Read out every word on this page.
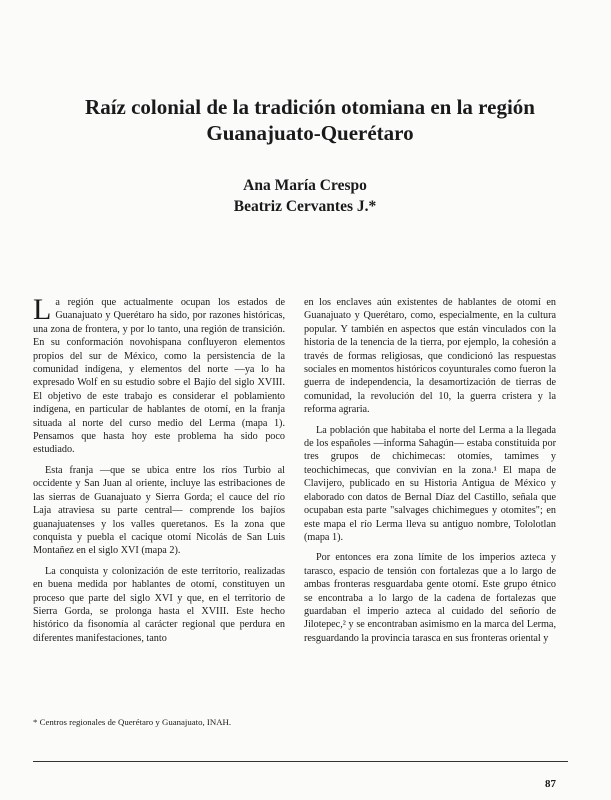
Raíz colonial de la tradición otomiana en la región
Guanajuato-Querétaro
Ana María Crespo
Beatriz Cervantes J.*

La región que actualmente ocupan los estados de Guanajuato y Querétaro ha sido, por razones históricas, una zona de frontera, y por lo tanto, una región de transición. En su conformación novohispana confluyeron elementos propios del sur de México, como la persistencia de la comunidad indígena, y elementos del norte —ya lo ha expresado Wolf en su estudio sobre el Bajío del siglo XVIII. El objetivo de este trabajo es considerar el poblamiento indígena, en particular de hablantes de otomí, en la franja situada al norte del curso medio del Lerma (mapa 1). Pensamos que hasta hoy este problema ha sido poco estudiado.

Esta franja —que se ubica entre los ríos Turbio al occidente y San Juan al oriente, incluye las estribaciones de las sierras de Guanajuato y Sierra Gorda; el cauce del río Laja atraviesa su parte central— comprende los bajíos guanajuatenses y los valles queretanos. Es la zona que conquista y puebla el cacique otomí Nicolás de San Luis Montañez en el siglo XVI (mapa 2).

La conquista y colonización de este territorio, realizadas en buena medida por hablantes de otomí, constituyen un proceso que parte del siglo XVI y que, en el territorio de Sierra Gorda, se prolonga hasta el XVIII. Este hecho histórico da fisonomía al carácter regional que perdura en diferentes manifestaciones, tanto

en los enclaves aún existentes de hablantes de otomí en Guanajuato y Querétaro, como, especialmente, en la cultura popular. Y también en aspectos que están vinculados con la historia de la tenencia de la tierra, por ejemplo, la cohesión a través de formas religiosas, que condicionó las respuestas sociales en momentos históricos coyunturales como fueron la guerra de independencia, la desamortización de tierras de comunidad, la revolución del 10, la guerra cristera y la reforma agraria.

La población que habitaba el norte del Lerma a la llegada de los españoles —informa Sahagún— estaba constituida por tres grupos de chichimecas: otomíes, tamimes y teochichimecas, que convivían en la zona.¹ El mapa de Clavijero, publicado en su Historia Antigua de México y elaborado con datos de Bernal Díaz del Castillo, señala que ocupaban esta parte "salvages chichimegues y otomites"; en este mapa el río Lerma lleva su antiguo nombre, Tololotlan (mapa 1).

Por entonces era zona límite de los imperios azteca y tarasco, espacio de tensión con fortalezas que a lo largo de ambas fronteras resguardaba gente otomí. Este grupo étnico se encontraba a lo largo de la cadena de fortalezas que guardaban el imperio azteca al cuidado del señorío de Jilotepec,² y se encontraban asimismo en la marca del Lerma, resguardando la provincia tarasca en sus fronteras oriental y

* Centros regionales de Querétaro y Guanajuato, INAH.
87
